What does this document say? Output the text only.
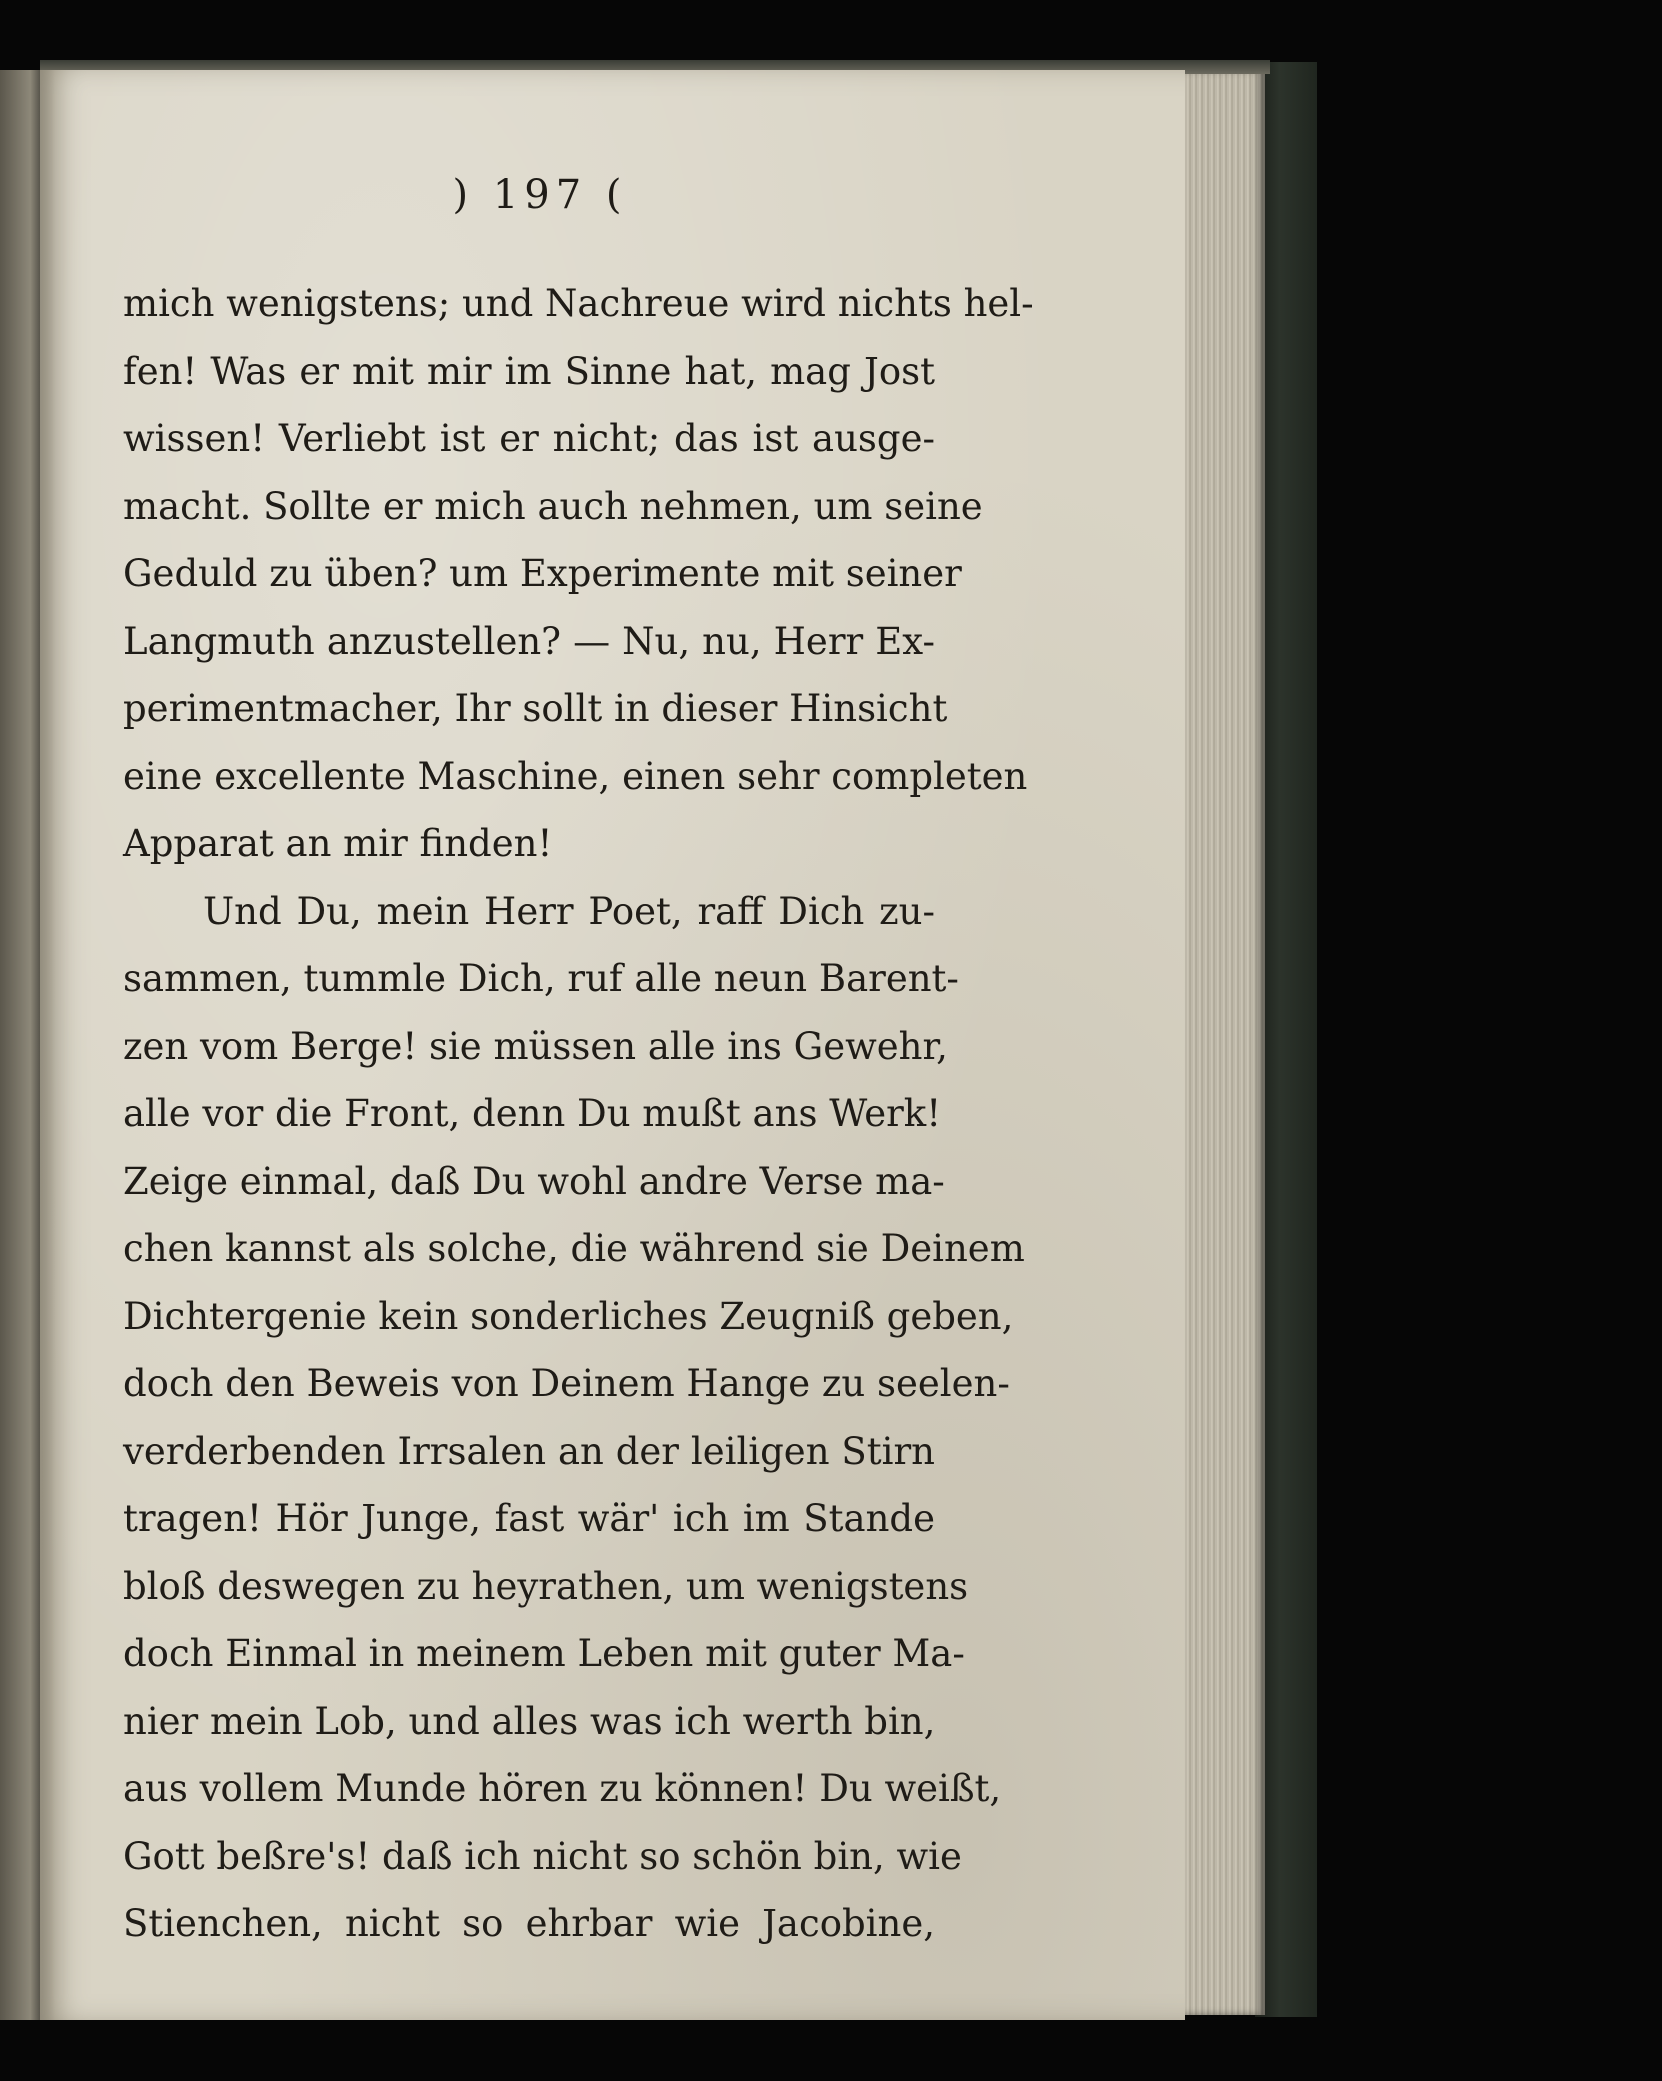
) 197 (
mich wenigstens; und Nachreue wird nichts hel-
fen! Was er mit mir im Sinne hat, mag Jost
wissen! Verliebt ist er nicht; das ist ausge-
macht. Sollte er mich auch nehmen, um seine
Geduld zu üben? um Experimente mit seiner
Langmuth anzustellen? — Nu, nu, Herr Ex-
perimentmacher, Ihr sollt in dieser Hinsicht
eine excellente Maschine, einen sehr completen
Apparat an mir finden!
Und Du, mein Herr Poet, raff Dich zu-
sammen, tummle Dich, ruf alle neun Barent-
zen vom Berge! sie müssen alle ins Gewehr,
alle vor die Front, denn Du mußt ans Werk!
Zeige einmal, daß Du wohl andre Verse ma-
chen kannst als solche, die während sie Deinem
Dichtergenie kein sonderliches Zeugniß geben,
doch den Beweis von Deinem Hange zu seelen-
verderbenden Irrsalen an der leiligen Stirn
tragen! Hör Junge, fast wär' ich im Stande
bloß deswegen zu heyrathen, um wenigstens
doch Einmal in meinem Leben mit guter Ma-
nier mein Lob, und alles was ich werth bin,
aus vollem Munde hören zu können! Du weißt,
Gott beßre's! daß ich nicht so schön bin, wie
Stienchen, nicht so ehrbar wie Jacobine,
